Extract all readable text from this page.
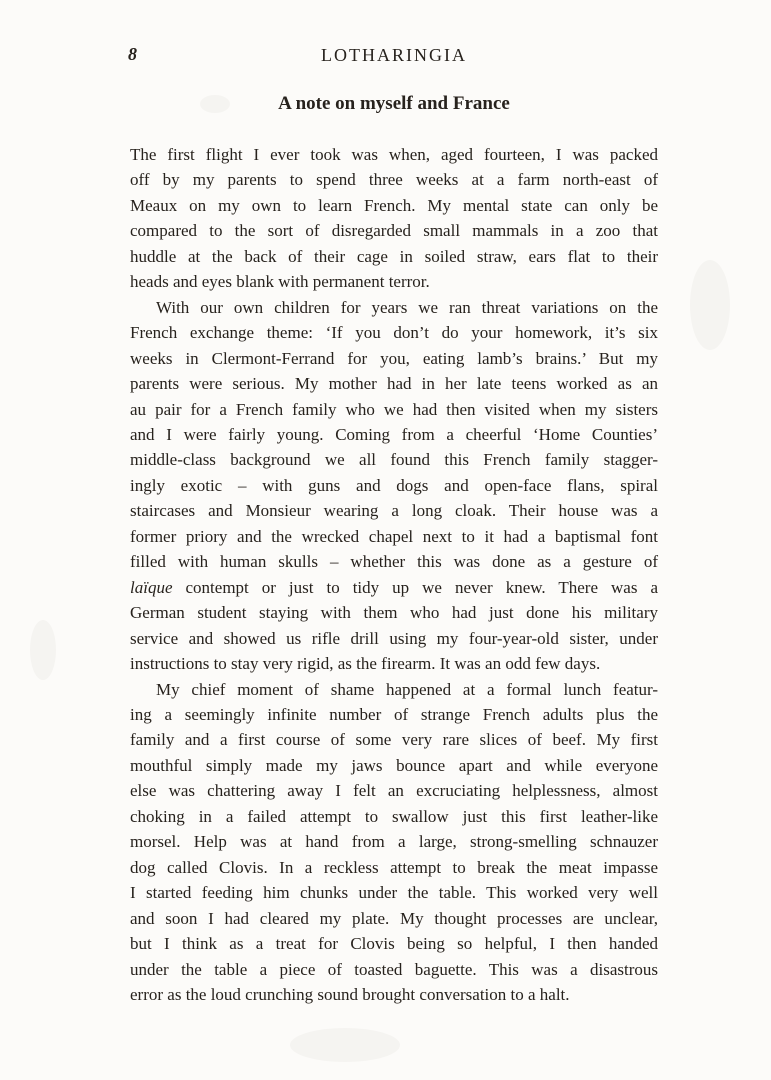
8	LOTHARINGIA
A note on myself and France
The first flight I ever took was when, aged fourteen, I was packed
off by my parents to spend three weeks at a farm north-east of
Meaux on my own to learn French. My mental state can only be
compared to the sort of disregarded small mammals in a zoo that
huddle at the back of their cage in soiled straw, ears flat to their
heads and eyes blank with permanent terror.
With our own children for years we ran threat variations on the
French exchange theme: ‘If you don’t do your homework, it’s six
weeks in Clermont-Ferrand for you, eating lamb’s brains.’ But my
parents were serious. My mother had in her late teens worked as an
au pair for a French family who we had then visited when my sisters
and I were fairly young. Coming from a cheerful ‘Home Counties’
middle-class background we all found this French family stagger-
ingly exotic – with guns and dogs and open-face flans, spiral
staircases and Monsieur wearing a long cloak. Their house was a
former priory and the wrecked chapel next to it had a baptismal font
filled with human skulls – whether this was done as a gesture of
laïque contempt or just to tidy up we never knew. There was a
German student staying with them who had just done his military
service and showed us rifle drill using my four-year-old sister, under
instructions to stay very rigid, as the firearm. It was an odd few days.
My chief moment of shame happened at a formal lunch featur-
ing a seemingly infinite number of strange French adults plus the
family and a first course of some very rare slices of beef. My first
mouthful simply made my jaws bounce apart and while everyone
else was chattering away I felt an excruciating helplessness, almost
choking in a failed attempt to swallow just this first leather-like
morsel. Help was at hand from a large, strong-smelling schnauzer
dog called Clovis. In a reckless attempt to break the meat impasse
I started feeding him chunks under the table. This worked very well
and soon I had cleared my plate. My thought processes are unclear,
but I think as a treat for Clovis being so helpful, I then handed
under the table a piece of toasted baguette. This was a disastrous
error as the loud crunching sound brought conversation to a halt.
